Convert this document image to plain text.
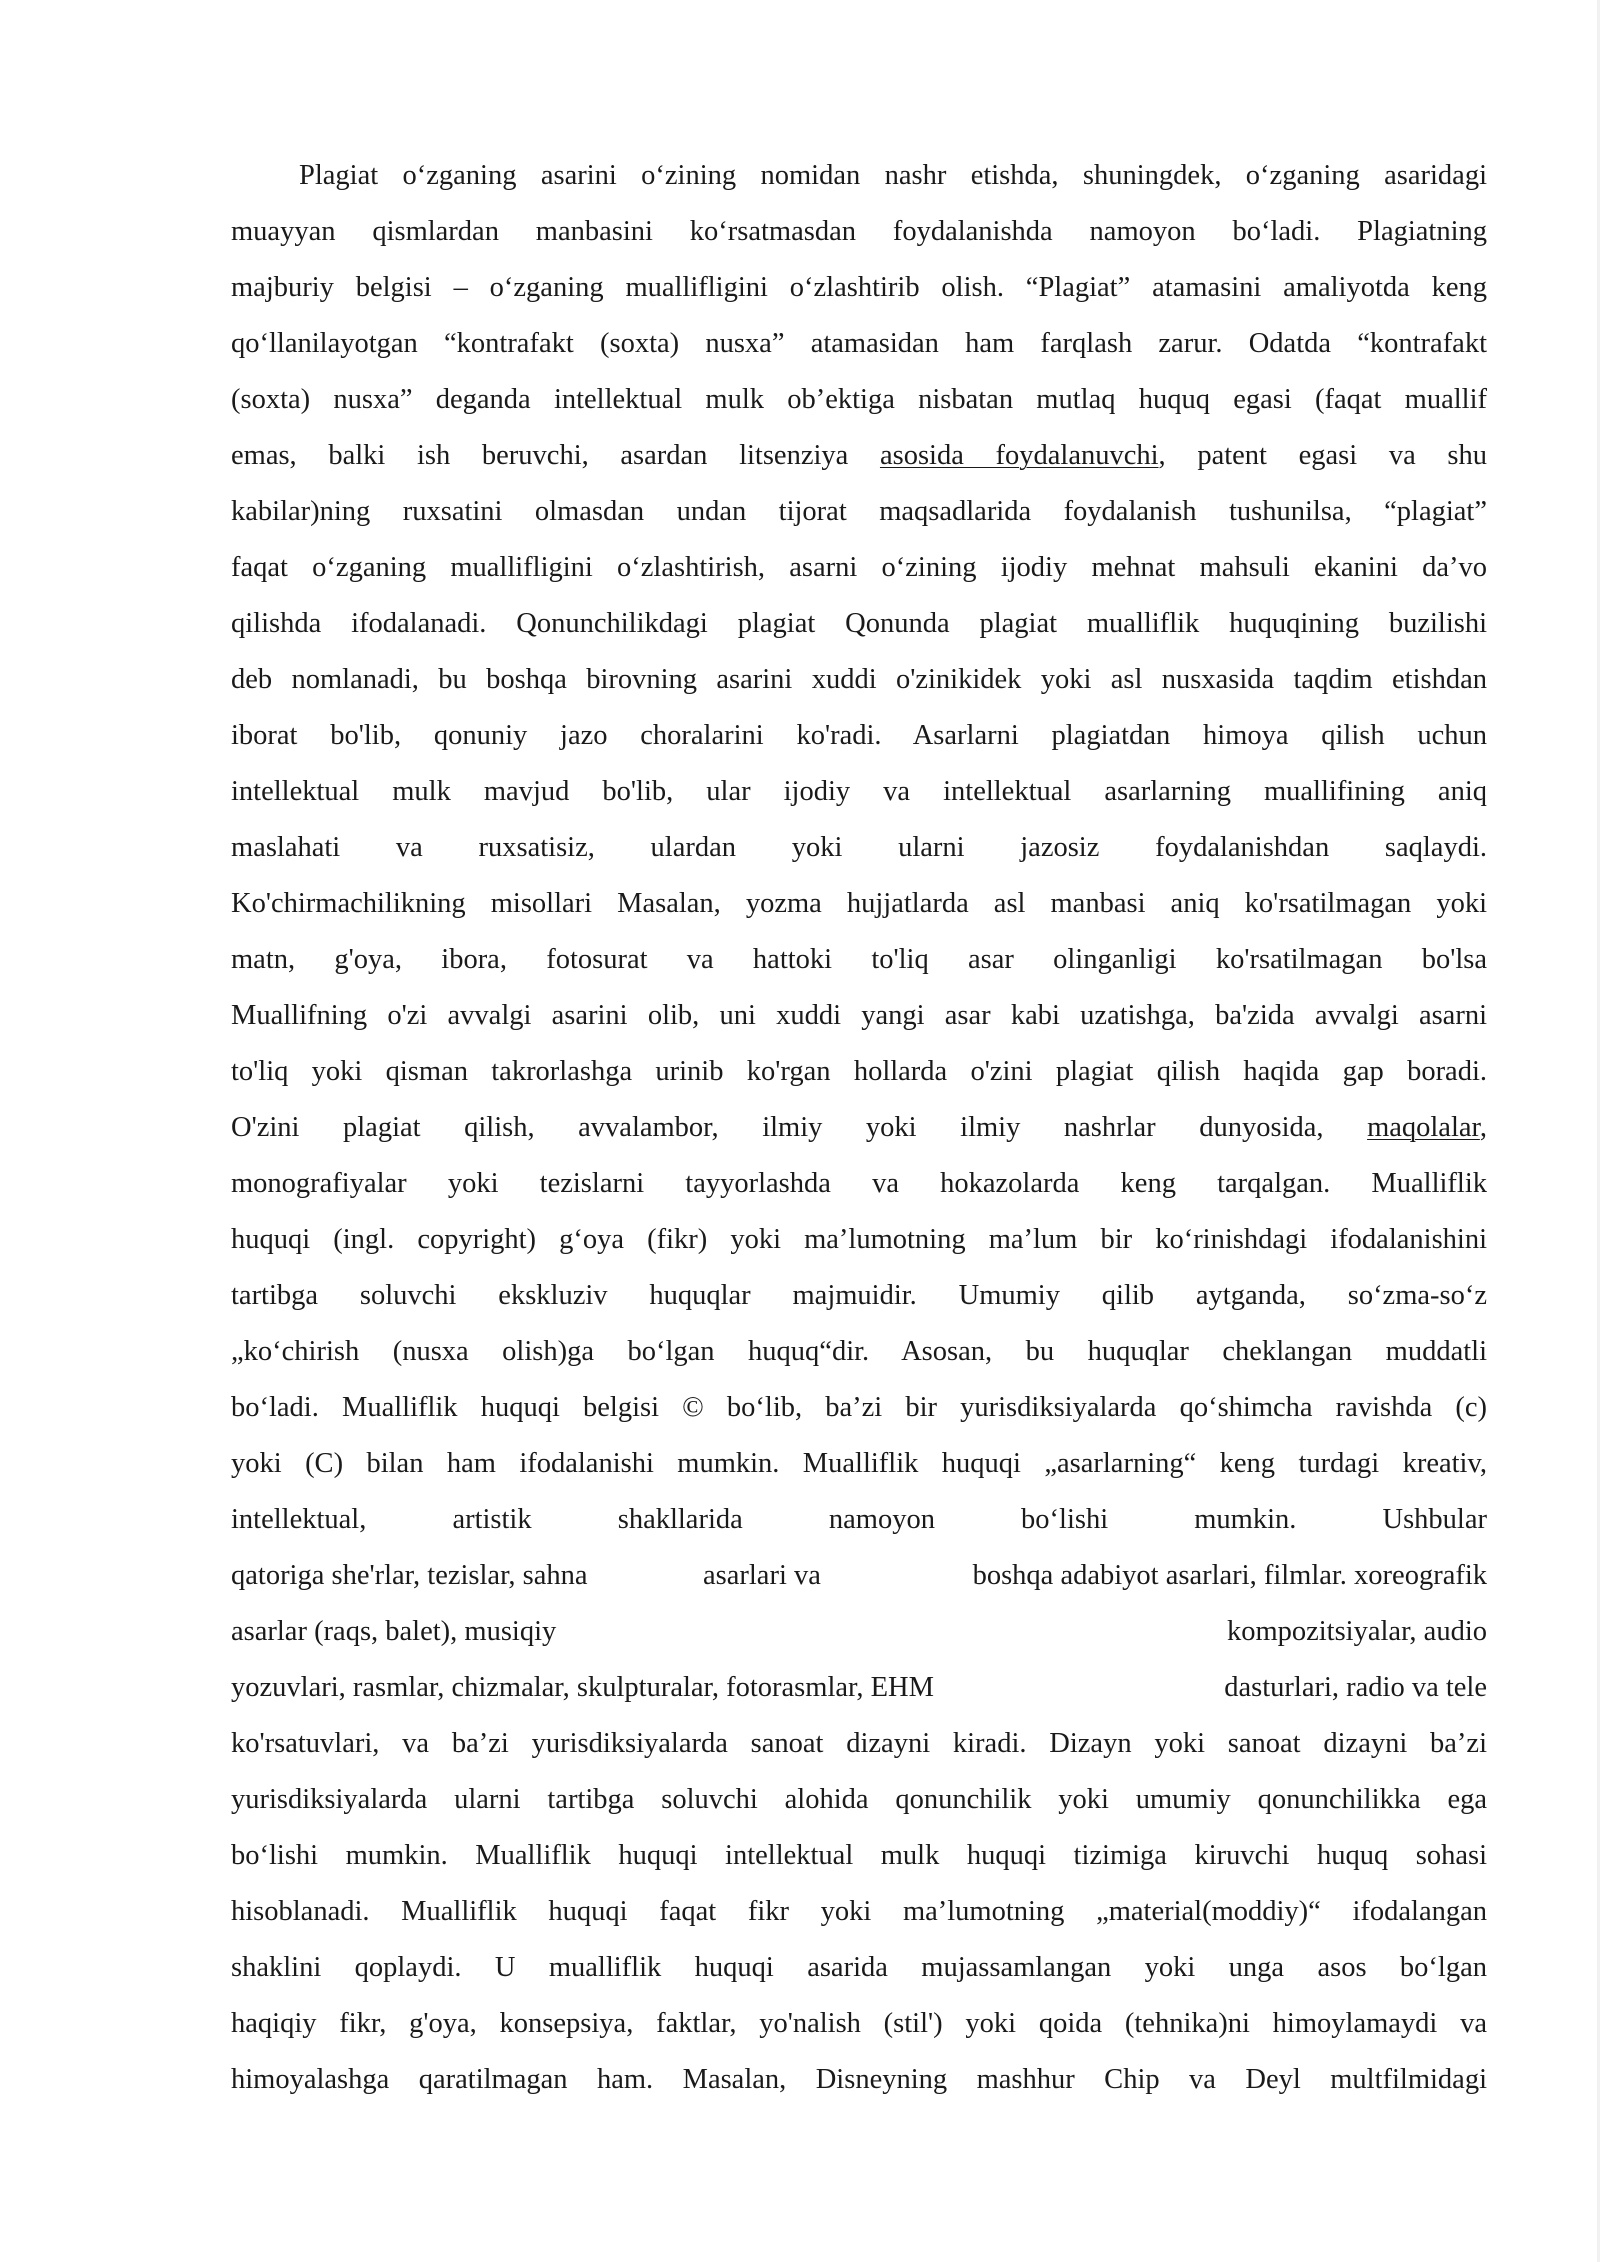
Plagiat o‘zganing asarini o‘zining nomidan nashr etishda, shuningdek, o‘zganing asaridagi
muayyan qismlardan manbasini ko‘rsatmasdan foydalanishda namoyon bo‘ladi. Plagiatning
majburiy belgisi – o‘zganing muallifligini o‘zlashtirib olish. “Plagiat” atamasini amaliyotda keng
qo‘llanilayotgan “kontrafakt (soxta) nusxa” atamasidan ham farqlash zarur. Odatda “kontrafakt
(soxta) nusxa” deganda intellektual mulk ob’ektiga nisbatan mutlaq huquq egasi (faqat muallif
emas, balki ish beruvchi, asardan litsenziya asosida foydalanuvchi, patent egasi va shu
kabilar)ning ruxsatini olmasdan undan tijorat maqsadlarida foydalanish tushunilsa, “plagiat”
faqat o‘zganing muallifligini o‘zlashtirish, asarni o‘zining ijodiy mehnat mahsuli ekanini da’vo
qilishda ifodalanadi. Qonunchilikdagi plagiat Qonunda plagiat mualliflik huquqining buzilishi
deb nomlanadi, bu boshqa birovning asarini xuddi o'zinikidek yoki asl nusxasida taqdim etishdan
iborat bo'lib, qonuniy jazo choralarini ko'radi. Asarlarni plagiatdan himoya qilish uchun
intellektual mulk mavjud bo'lib, ular ijodiy va intellektual asarlarning muallifining aniq
maslahati va ruxsatisiz, ulardan yoki ularni jazosiz foydalanishdan saqlaydi.
Ko'chirmachilikning misollari Masalan, yozma hujjatlarda asl manbasi aniq ko'rsatilmagan yoki
matn, g'oya, ibora, fotosurat va hattoki to'liq asar olinganligi ko'rsatilmagan bo'lsa
Muallifning o'zi avvalgi asarini olib, uni xuddi yangi asar kabi uzatishga, ba'zida avvalgi asarni
to'liq yoki qisman takrorlashga urinib ko'rgan hollarda o'zini plagiat qilish haqida gap boradi.
O'zini plagiat qilish, avvalambor, ilmiy yoki ilmiy nashrlar dunyosida, maqolalar,
monografiyalar yoki tezislarni tayyorlashda va hokazolarda keng tarqalgan. Mualliflik
huquqi (ingl. copyright) g‘oya (fikr) yoki ma’lumotning ma’lum bir ko‘rinishdagi ifodalanishini
tartibga soluvchi ekskluziv huquqlar majmuidir. Umumiy qilib aytganda, so‘zma-so‘z
„ko‘chirish (nusxa olish)ga bo‘lgan huquq“dir. Asosan, bu huquqlar cheklangan muddatli
bo‘ladi. Mualliflik huquqi belgisi © bo‘lib, ba’zi bir yurisdiksiyalarda qo‘shimcha ravishda (c)
yoki (C) bilan ham ifodalanishi mumkin. Mualliflik huquqi „asarlarning“ keng turdagi kreativ,
intellektual, artistik shakllarida namoyon bo‘lishi mumkin. Ushbular
qatoriga she'rlar, tezislar, sahna	asarlari va	boshqa adabiyot asarlari, filmlar. xoreografik
asarlar (raqs, balet), musiqiy	kompozitsiyalar, audio
yozuvlari, rasmlar, chizmalar, skulpturalar, fotorasmlar, EHM	dasturlari, radio va tele
ko'rsatuvlari, va ba’zi yurisdiksiyalarda sanoat dizayni kiradi. Dizayn yoki sanoat dizayni ba’zi
yurisdiksiyalarda ularni tartibga soluvchi alohida qonunchilik yoki umumiy qonunchilikka ega
bo‘lishi mumkin. Mualliflik huquqi intellektual mulk huquqi tizimiga kiruvchi huquq sohasi
hisoblanadi. Mualliflik huquqi faqat fikr yoki ma’lumotning „material(moddiy)“ ifodalangan
shaklini qoplaydi. U mualliflik huquqi asarida mujassamlangan yoki unga asos bo‘lgan
haqiqiy fikr, g'oya, konsepsiya, faktlar, yo'nalish (stil') yoki qoida (tehnika)ni himoylamaydi va
himoyalashga qaratilmagan ham. Masalan, Disneyning mashhur Chip va Deyl multfilmidagi
